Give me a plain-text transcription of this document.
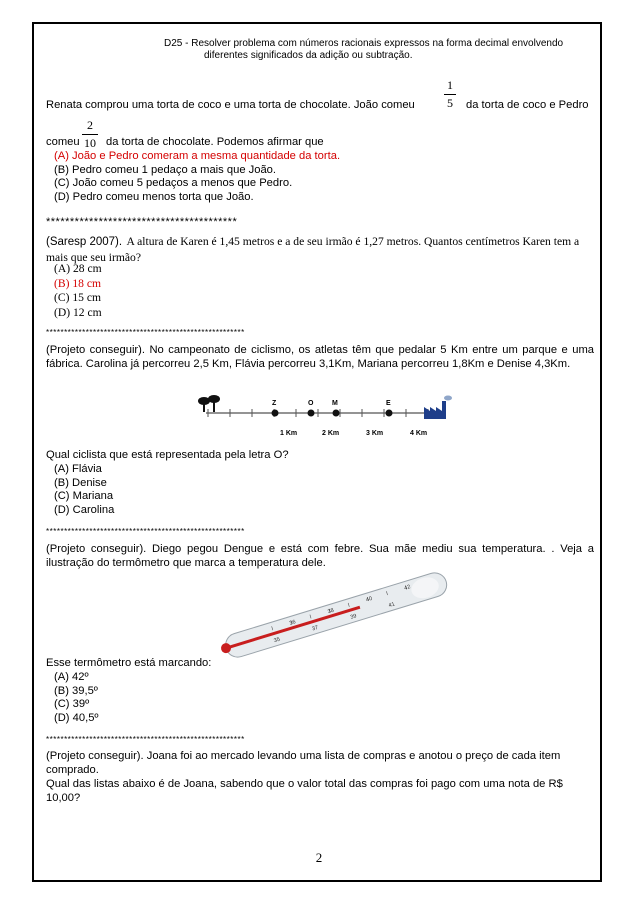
2
D25 - Resolver problema com números racionais expressos na forma decimal envolvendo
diferentes significados da adição ou subtração.
1
5
Renata comprou uma torta de coco e uma torta de chocolate. João comeu	da torta de coco e Pedro
2
10
comeu da torta de chocolate. Podemos afirmar que
(A) João e Pedro comeram a mesma quantidade da torta.
(B) Pedro comeu 1 pedaço a mais que João.
(C) João comeu 5 pedaços a menos que Pedro.
(D) Pedro comeu menos torta que João.
****************************************
(Saresp 2007). A altura de Karen é 1,45 metros e a de seu irmão é 1,27 metros. Quantos centímetros Karen tem a mais que seu irmão?
(A) 28 cm
(B) 18 cm
(C) 15 cm
(D) 12 cm
*******************************************************
(Projeto conseguir). No campeonato de ciclismo, os atletas têm que pedalar 5 Km entre um parque e uma fábrica. Carolina já percorreu 2,5 Km, Flávia percorreu 3,1Km, Mariana percorreu 1,8Km e Denise 4,3Km.
Z	O	M	E
1 Km	2 Km	3 Km	4 Km
Qual ciclista que está representada pela letra O?
(A) Flávia
(B) Denise
(C) Mariana
(D) Carolina
*******************************************************
(Projeto conseguir). Diego pegou Dengue e está com febre. Sua mãe mediu sua temperatura. . Veja a ilustração do termômetro que marca a temperatura dele.
36
38
40
42
35
37
39
41
Esse termômetro está marcando:
(A) 42º
(B) 39,5º
(C) 39º
(D) 40,5º
*******************************************************
(Projeto conseguir). Joana foi ao mercado levando uma lista de compras e anotou o preço de cada item comprado.
Qual das listas abaixo é de Joana, sabendo que o valor total das compras foi pago com uma nota de R$ 10,00?
